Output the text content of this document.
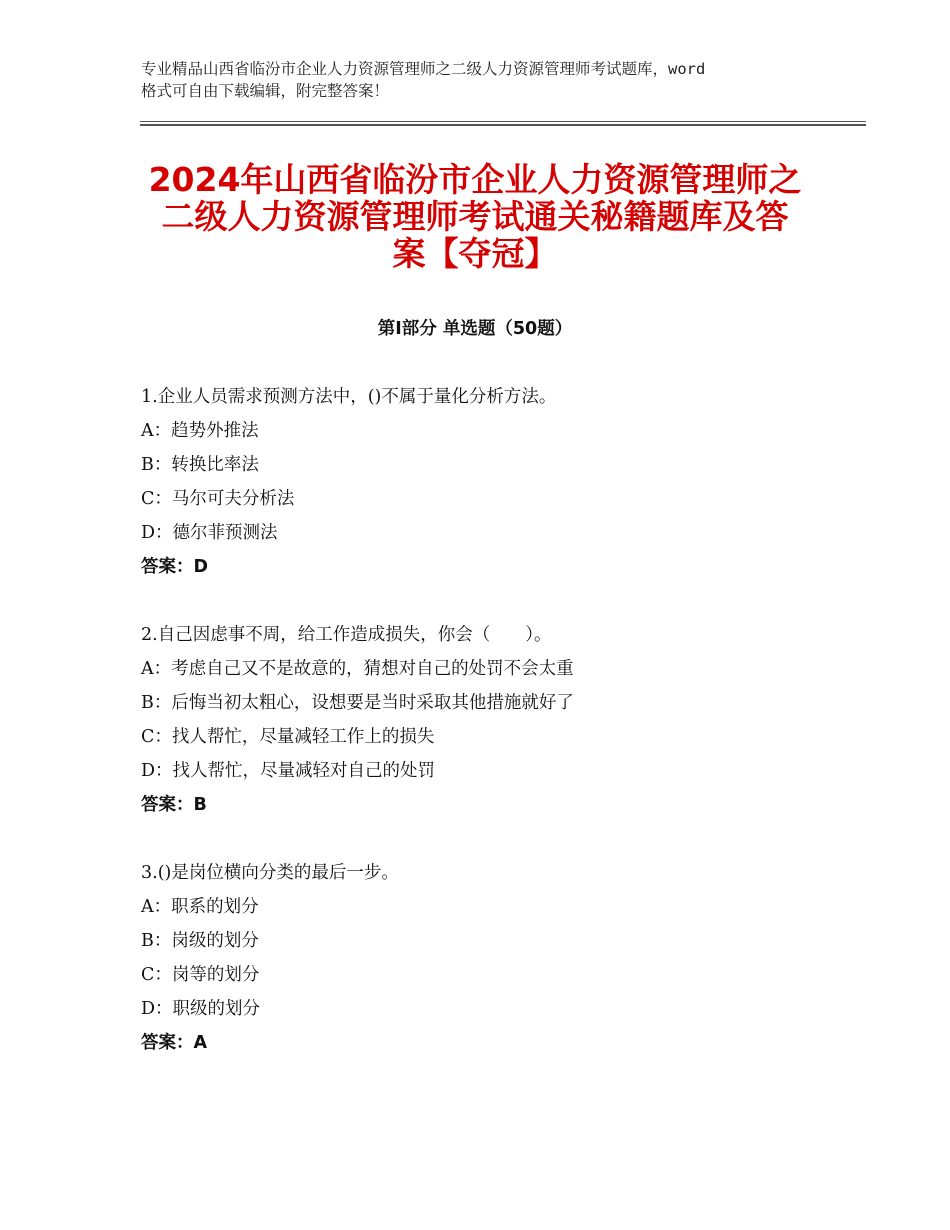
专业精品山西省临汾市企业人力资源管理师之二级人力资源管理师考试题库，word
格式可自由下载编辑，附完整答案！
2024年山西省临汾市企业人力资源管理师之
二级人力资源管理师考试通关秘籍题库及答
案【夺冠】
第Ⅰ部分 单选题（50题）
1.企业人员需求预测方法中，()不属于量化分析方法。
A：趋势外推法
B：转换比率法
C：马尔可夫分析法
D：德尔菲预测法
答案：D
2.自己因虑事不周，给工作造成损失，你会（　　）。
A：考虑自己又不是故意的，猜想对自己的处罚不会太重
B：后悔当初太粗心，设想要是当时采取其他措施就好了
C：找人帮忙，尽量减轻工作上的损失
D：找人帮忙，尽量减轻对自己的处罚
答案：B
3.()是岗位横向分类的最后一步。
A：职系的划分
B：岗级的划分
C：岗等的划分
D：职级的划分
答案：A
